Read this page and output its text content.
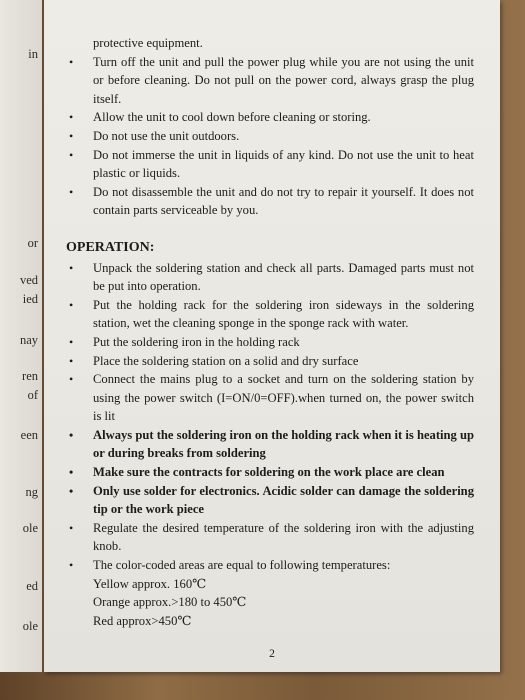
in
or
ved
ied
nay
ren
of
een
ng
ole
ed
ole
protective equipment.
• Turn off the unit and pull the power plug while you are not using the unit or before cleaning. Do not pull on the power cord, always grasp the plug itself.
• Allow the unit to cool down before cleaning or storing.
• Do not use the unit outdoors.
• Do not immerse the unit in liquids of any kind. Do not use the unit to heat plastic or liquids.
• Do not disassemble the unit and do not try to repair it yourself. It does not contain parts serviceable by you.
OPERATION:
• Unpack the soldering station and check all parts. Damaged parts must not be put into operation.
• Put the holding rack for the soldering iron sideways in the soldering station, wet the cleaning sponge in the sponge rack with water.
• Put the soldering iron in the holding rack
• Place the soldering station on a solid and dry surface
• Connect the mains plug to a socket and turn on the soldering station by using the power switch (I=ON/0=OFF).when turned on, the power switch is lit
• Always put the soldering iron on the holding rack when it is heating up or during breaks from soldering
• Make sure the contracts for soldering on the work place are clean
• Only use solder for electronics. Acidic solder can damage the soldering tip or the work piece
• Regulate the desired temperature of the soldering iron with the adjusting knob.
• The color-coded areas are equal to following temperatures:
Yellow approx. 160℃
Orange approx.>180 to 450℃
Red approx>450℃
2
